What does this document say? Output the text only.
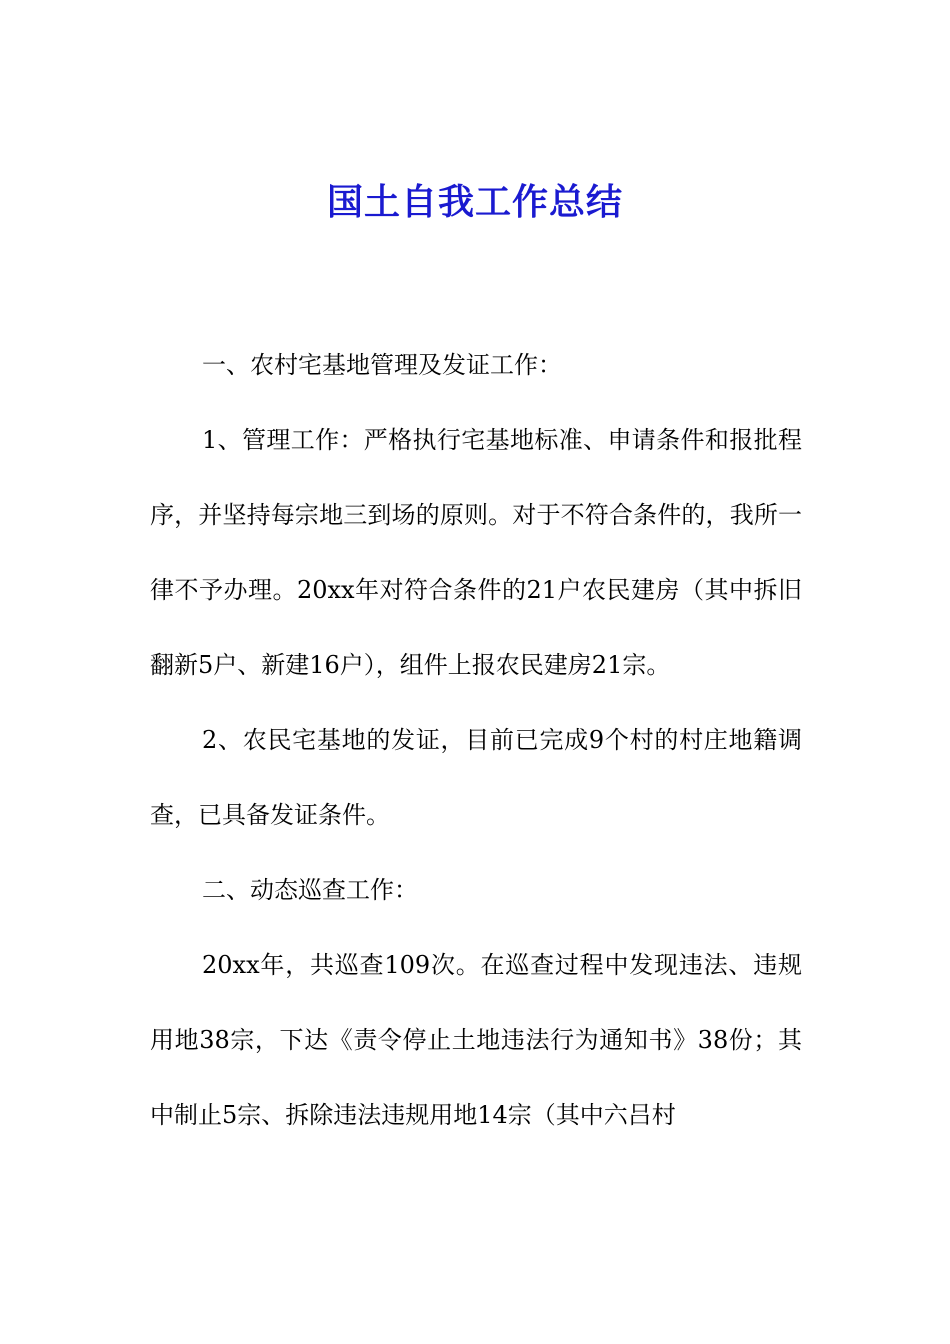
国土自我工作总结

一、农村宅基地管理及发证工作：

1、管理工作：严格执行宅基地标准、申请条件和报批程序，并坚持每宗地三到场的原则。对于不符合条件的，我所一律不予办理。20xx年对符合条件的21户农民建房（其中拆旧翻新5户、新建16户），组件上报农民建房21宗。

2、农民宅基地的发证，目前已完成9个村的村庄地籍调查，已具备发证条件。

二、动态巡查工作：

20xx年，共巡查109次。在巡查过程中发现违法、违规用地38宗，下达《责令停止土地违法行为通知书》38份；其中制止5宗、拆除违法违规用地14宗（其中六吕村
